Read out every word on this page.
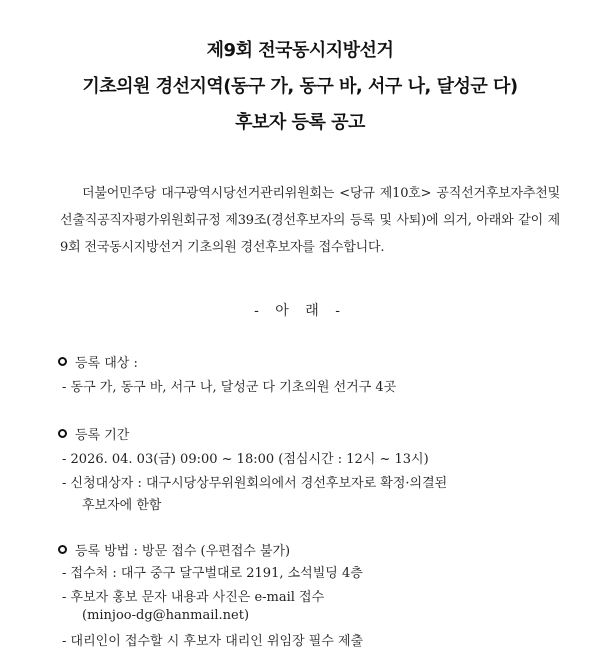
제9회 전국동시지방선거
기초의원 경선지역(동구 가, 동구 바, 서구 나, 달성군 다)
후보자 등록 공고
더불어민주당 대구광역시당선거관리위원회는 <당규 제10호> 공직선거후보자추천및선출직공직자평가위원회규정 제39조(경선후보자의 등록 및 사퇴)에 의거, 아래와 같이 제9회 전국동시지방선거 기초의원 경선후보자를 접수합니다.
- 아 래 -
등록 대상 :
- 동구 가, 동구 바, 서구 나, 달성군 다 기초의원 선거구 4곳
등록 기간
- 2026. 04. 03(금) 09:00 ~ 18:00 (점심시간 : 12시 ~ 13시)
- 신청대상자 : 대구시당상무위원회의에서 경선후보자로 확정·의결된
후보자에 한함
등록 방법 : 방문 접수 (우편접수 불가)
- 접수처 : 대구 중구 달구벌대로 2191, 소석빌딩 4층
- 후보자 홍보 문자 내용과 사진은 e-mail 접수
(minjoo-dg@hanmail.net)
- 대리인이 접수할 시 후보자 대리인 위임장 필수 제출
